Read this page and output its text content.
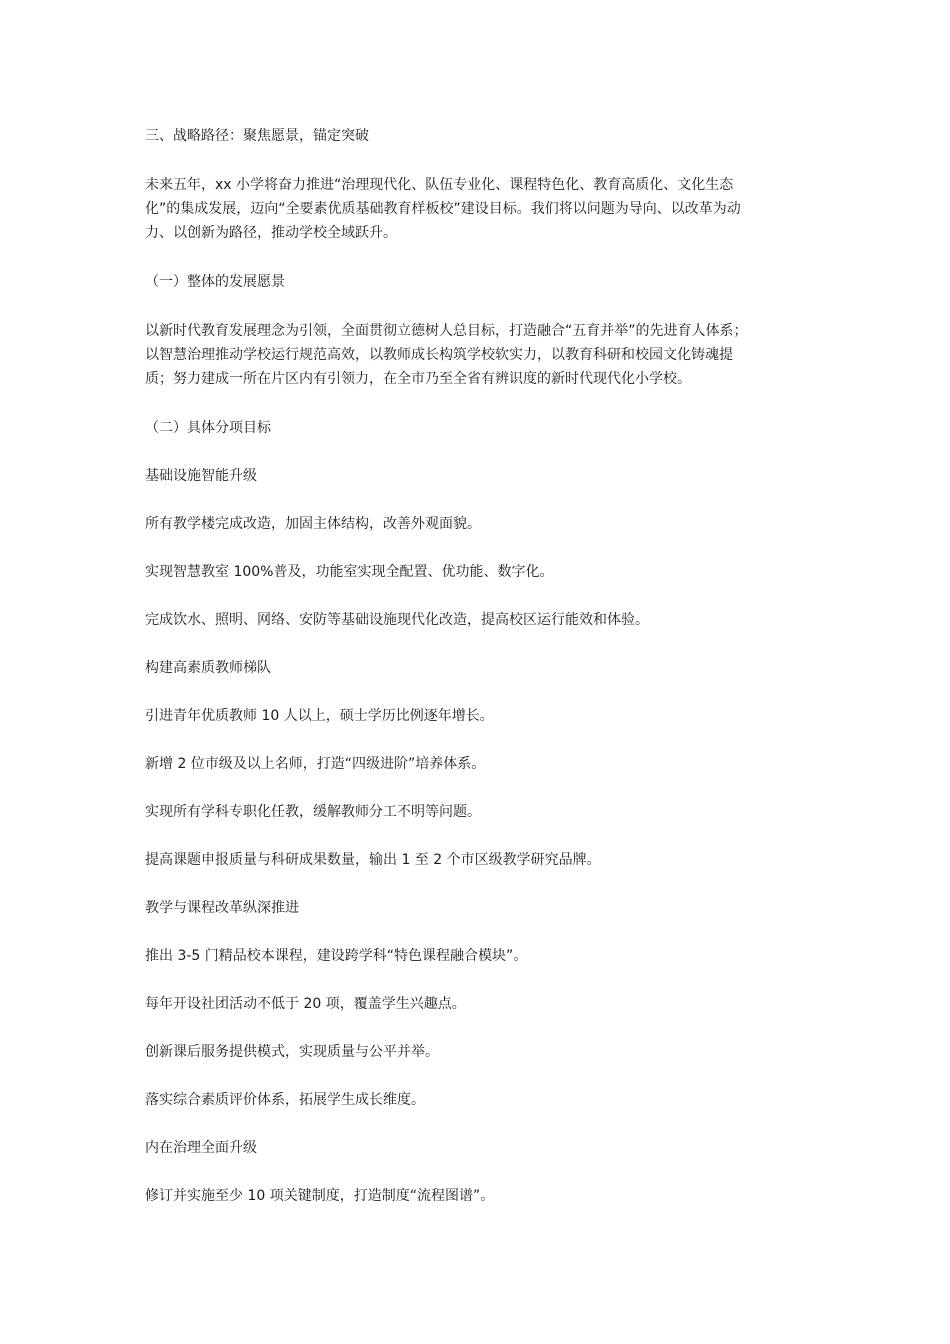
三、战略路径：聚焦愿景，锚定突破

未来五年，xx 小学将奋力推进“治理现代化、队伍专业化、课程特色化、教育高质化、文化生态
化”的集成发展，迈向“全要素优质基础教育样板校”建设目标。我们将以问题为导向、以改革为动
力、以创新为路径，推动学校全域跃升。

（一）整体的发展愿景

以新时代教育发展理念为引领，全面贯彻立德树人总目标，打造融合“五育并举”的先进育人体系；
以智慧治理推动学校运行规范高效，以教师成长构筑学校软实力，以教育科研和校园文化铸魂提
质；努力建成一所在片区内有引领力，在全市乃至全省有辨识度的新时代现代化小学校。

（二）具体分项目标

基础设施智能升级

所有教学楼完成改造，加固主体结构，改善外观面貌。

实现智慧教室 100%普及，功能室实现全配置、优功能、数字化。

完成饮水、照明、网络、安防等基础设施现代化改造，提高校区运行能效和体验。

构建高素质教师梯队

引进青年优质教师 10 人以上，硕士学历比例逐年增长。

新增 2 位市级及以上名师，打造“四级进阶”培养体系。

实现所有学科专职化任教，缓解教师分工不明等问题。

提高课题申报质量与科研成果数量，输出 1 至 2 个市区级教学研究品牌。

教学与课程改革纵深推进

推出 3-5 门精品校本课程，建设跨学科“特色课程融合模块”。

每年开设社团活动不低于 20 项，覆盖学生兴趣点。

创新课后服务提供模式，实现质量与公平并举。

落实综合素质评价体系，拓展学生成长维度。

内在治理全面升级

修订并实施至少 10 项关键制度，打造制度“流程图谱”。
